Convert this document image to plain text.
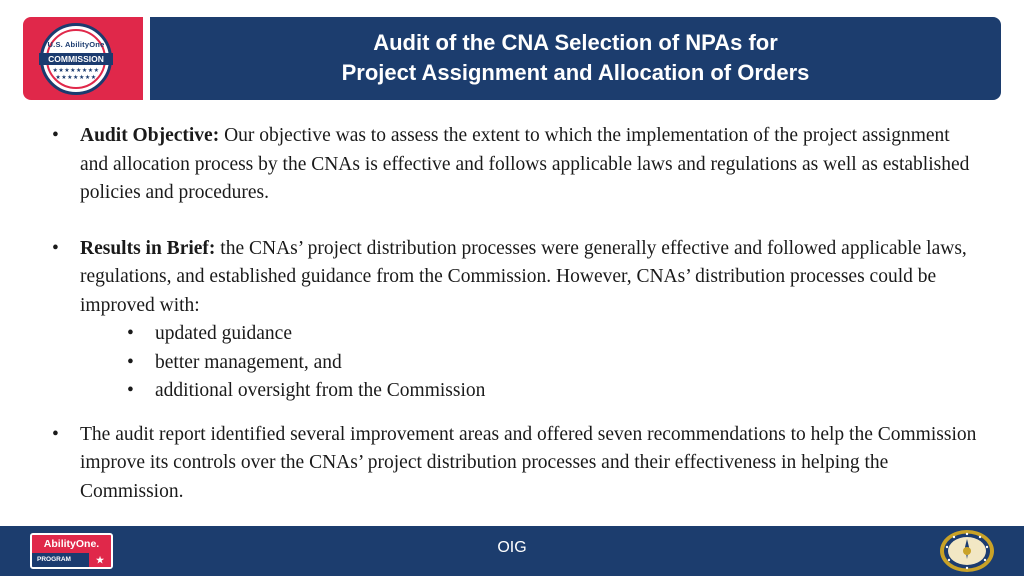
U.S. AbilityOne
COMMISSION
★★★★★★★★ ★★★★★★★
Audit of the CNA Selection of NPAs for
Project Assignment and Allocation of Orders
• Audit Objective: Our objective was to assess the extent to which the implementation of the project assignment and allocation process by the CNAs is effective and follows applicable laws and regulations as well as established policies and procedures.
• Results in Brief: the CNAs’ project distribution processes were generally effective and followed applicable laws, regulations, and established guidance from the Commission. However, CNAs’ distribution processes could be improved with:
• updated guidance
• better management, and
• additional oversight from the Commission
• The audit report identified several improvement areas and offered seven recommendations to help the Commission improve its controls over the CNAs’ project distribution processes and their effectiveness in helping the Commission.
AbilityOne.
PROGRAM	★
OIG
